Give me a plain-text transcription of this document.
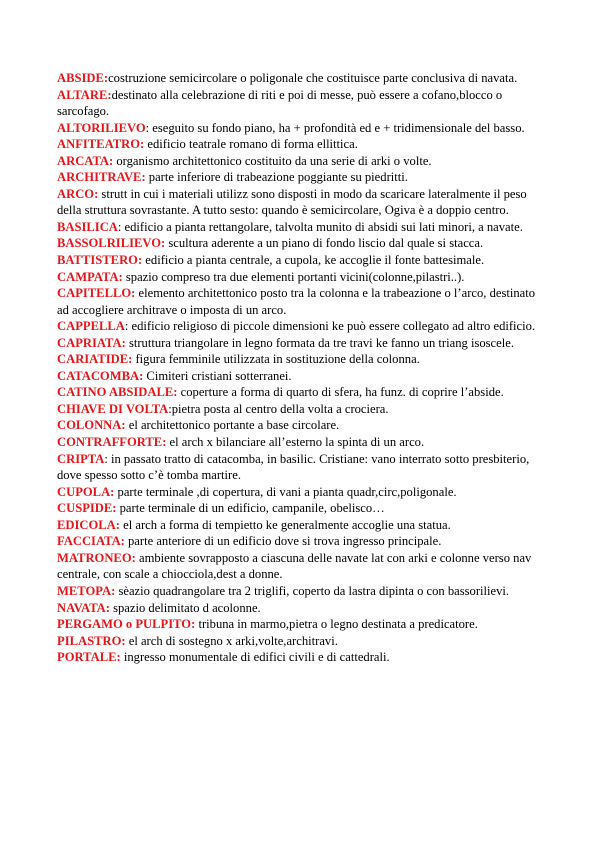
ABSIDE:costruzione semicircolare o poligonale che costituisce parte conclusiva di navata.

ALTARE:destinato alla celebrazione di riti e poi di messe, può essere a cofano,blocco o sarcofago.

ALTORILIEVO: eseguito su fondo piano, ha + profondità ed e + tridimensionale del basso.

ANFITEATRO: edificio teatrale romano di forma ellittica.

ARCATA: organismo architettonico costituito da una serie di arki o volte.

ARCHITRAVE: parte inferiore di trabeazione poggiante su piedritti.

ARCO: strutt in cui i materiali utilizz sono disposti in modo da scaricare lateralmente il peso della struttura sovrastante. A tutto sesto: quando è semicircolare, Ogiva è a doppio centro.

BASILICA: edificio a pianta rettangolare, talvolta munito di absidi sui lati minori, a navate.

BASSOLRILIEVO: scultura aderente a un piano di fondo liscio dal quale si stacca.

BATTISTERO: edificio a pianta centrale, a cupola, ke accoglie il fonte battesimale.

CAMPATA: spazio compreso tra due elementi portanti vicini(colonne,pilastri..).

CAPITELLO: elemento architettonico posto tra la colonna e la trabeazione o l’arco, destinato ad accogliere architrave o imposta di un arco.

CAPPELLA: edificio religioso di piccole dimensioni ke può essere collegato ad altro edificio.

CAPRIATA: struttura triangolare in legno formata da tre travi ke fanno un triang isoscele.

CARIATIDE: figura femminile utilizzata in sostituzione della colonna.

CATACOMBA: Cimiteri cristiani sotterranei.

CATINO ABSIDALE: coperture a forma di quarto di sfera, ha funz. di coprire l’abside.

CHIAVE DI VOLTA:pietra posta al centro della volta a crociera.

COLONNA: el architettonico portante a base circolare.

CONTRAFFORTE: el arch x bilanciare all’esterno la spinta di un arco.

CRIPTA: in passato tratto di catacomba, in basilic. Cristiane: vano interrato sotto presbiterio, dove spesso sotto c’è tomba martire.

CUPOLA: parte terminale ,di copertura, di vani a pianta quadr,circ,poligonale.

CUSPIDE: parte terminale di un edificio, campanile, obelisco…

EDICOLA: el arch a forma di tempietto ke generalmente accoglie una statua.

FACCIATA: parte anteriore di un edificio dove si trova ingresso principale.

MATRONEO: ambiente sovrapposto a ciascuna delle navate lat con arki e colonne verso nav centrale, con scale a chiocciola,dest a donne.

METOPA: sèazio quadrangolare tra 2 triglifi, coperto da lastra dipinta o con bassorilievi.

NAVATA: spazio delimitato d acolonne.

PERGAMO o PULPITO: tribuna in marmo,pietra o legno destinata a predicatore.

PILASTRO: el arch di sostegno x arki,volte,architravi.

PORTALE: ingresso monumentale di edifici civili e di cattedrali.
